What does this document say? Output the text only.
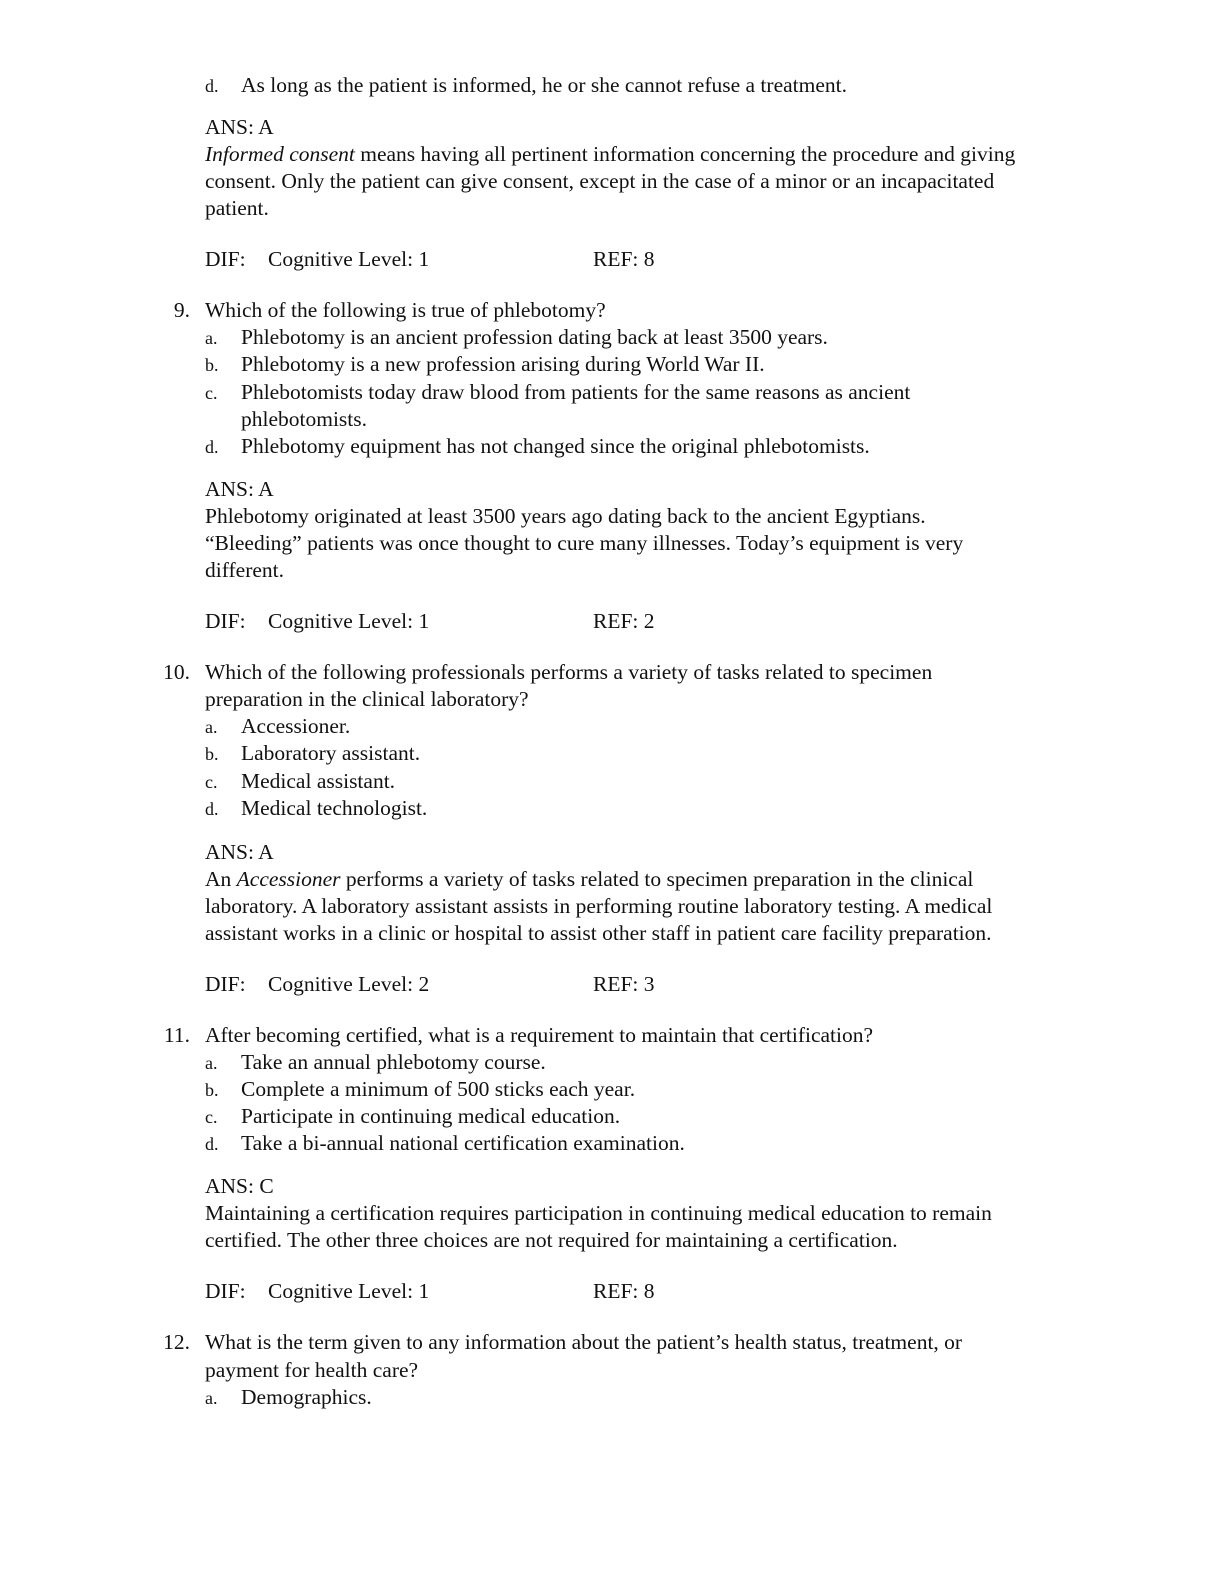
d. As long as the patient is informed, he or she cannot refuse a treatment.
ANS: A
Informed consent means having all pertinent information concerning the procedure and giving
consent. Only the patient can give consent, except in the case of a minor or an incapacitated
patient.
DIF: Cognitive Level: 1	REF: 8
9. Which of the following is true of phlebotomy?
a. Phlebotomy is an ancient profession dating back at least 3500 years.
b. Phlebotomy is a new profession arising during World War II.
c. Phlebotomists today draw blood from patients for the same reasons as ancient
phlebotomists.
d. Phlebotomy equipment has not changed since the original phlebotomists.
ANS: A
Phlebotomy originated at least 3500 years ago dating back to the ancient Egyptians.
“Bleeding” patients was once thought to cure many illnesses. Today’s equipment is very
different.
DIF: Cognitive Level: 1	REF: 2
10. Which of the following professionals performs a variety of tasks related to specimen
preparation in the clinical laboratory?
a. Accessioner.
b. Laboratory assistant.
c. Medical assistant.
d. Medical technologist.
ANS: A
An Accessioner performs a variety of tasks related to specimen preparation in the clinical
laboratory. A laboratory assistant assists in performing routine laboratory testing. A medical
assistant works in a clinic or hospital to assist other staff in patient care facility preparation.
DIF: Cognitive Level: 2	REF: 3
11. After becoming certified, what is a requirement to maintain that certification?
a. Take an annual phlebotomy course.
b. Complete a minimum of 500 sticks each year.
c. Participate in continuing medical education.
d. Take a bi-annual national certification examination.
ANS: C
Maintaining a certification requires participation in continuing medical education to remain
certified. The other three choices are not required for maintaining a certification.
DIF: Cognitive Level: 1	REF: 8
12. What is the term given to any information about the patient’s health status, treatment, or
payment for health care?
a. Demographics.
